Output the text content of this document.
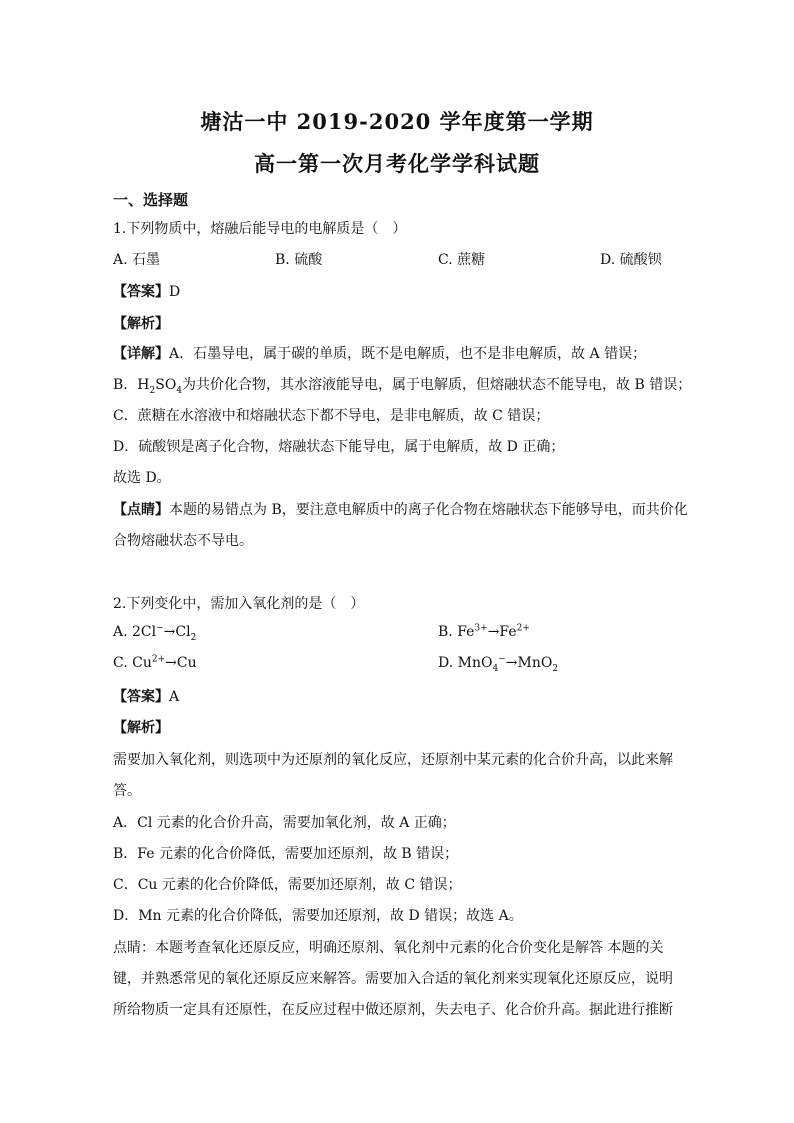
塘沽一中 2019-2020 学年度第一学期
高一第一次月考化学学科试题
一、选择题
1.下列物质中，熔融后能导电的电解质是（　）
A. 石墨	B. 硫酸	C. 蔗糖	D. 硫酸钡
【答案】D
【解析】
【详解】A．石墨导电，属于碳的单质，既不是电解质，也不是非电解质，故 A 错误；
B．$H_2SO_4$为共价化合物，其水溶液能导电，属于电解质，但熔融状态不能导电，故 B 错误；
C．蔗糖在水溶液中和熔融状态下都不导电，是非电解质，故 C 错误；
D．硫酸钡是离子化合物，熔融状态下能导电，属于电解质，故 D 正确；
故选 D。
【点睛】本题的易错点为 B，要注意电解质中的离子化合物在熔融状态下能够导电，而共价化
合物熔融状态不导电。
2.下列变化中，需加入氧化剂的是（　）
A. $2Cl^-\to Cl_2$	B. $Fe^{3+}\to Fe^{2+}$
C. $Cu^{2+}\to Cu$	D. MnO$_4$−→MnO$_2$
【答案】A
【解析】
需要加入氧化剂，则选项中为还原剂的氧化反应，还原剂中某元素的化合价升高，以此来解
答。
A．Cl 元素的化合价升高，需要加氧化剂，故 A 正确；
B．Fe 元素的化合价降低，需要加还原剂，故 B 错误；
C．Cu 元素的化合价降低，需要加还原剂，故 C 错误；
D．Mn 元素的化合价降低，需要加还原剂，故 D 错误；故选 A。
点睛：本题考查氧化还原反应，明确还原剂、氧化剂中元素的化合价变化是解答 本题的关
键，并熟悉常见的氧化还原反应来解答。需要加入合适的氧化剂来实现氧化还原反应，说明
所给物质一定具有还原性，在反应过程中做还原剂，失去电子、化合价升高。据此进行推断
